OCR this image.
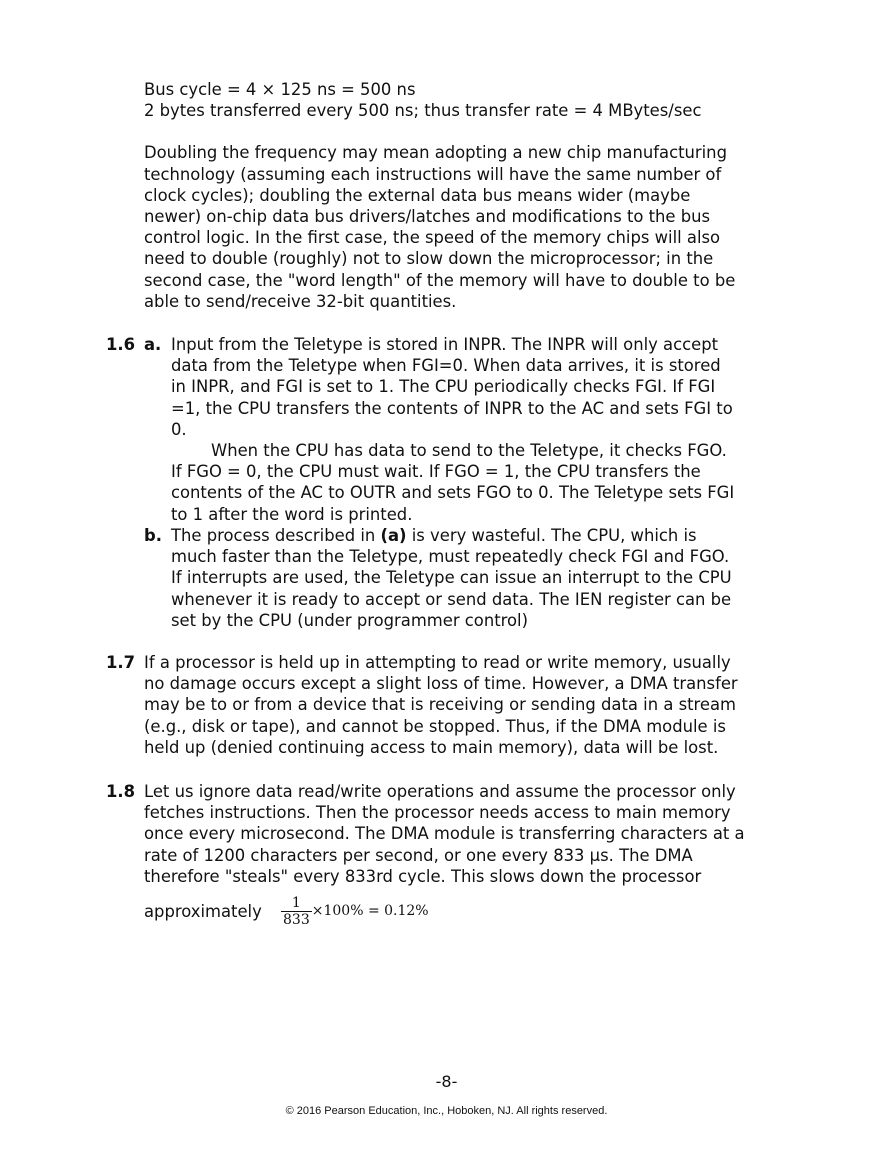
Bus cycle = 4 × 125 ns = 500 ns

2 bytes transferred every 500 ns; thus transfer rate = 4 MBytes/sec

Doubling the frequency may mean adopting a new chip manufacturing
technology (assuming each instructions will have the same number of
clock cycles); doubling the external data bus means wider (maybe
newer) on-chip data bus drivers/latches and modifications to the bus
control logic. In the first case, the speed of the memory chips will also
need to double (roughly) not to slow down the microprocessor; in the
second case, the "word length" of the memory will have to double to be
able to send/receive 32-bit quantities.

1.6 a. Input from the Teletype is stored in INPR. The INPR will only accept
data from the Teletype when FGI=0. When data arrives, it is stored
in INPR, and FGI is set to 1. The CPU periodically checks FGI. If FGI
=1, the CPU transfers the contents of INPR to the AC and sets FGI to
0.

When the CPU has data to send to the Teletype, it checks FGO.

If FGO = 0, the CPU must wait. If FGO = 1, the CPU transfers the
contents of the AC to OUTR and sets FGO to 0. The Teletype sets FGI
to 1 after the word is printed.

b. The process described in (a) is very wasteful. The CPU, which is

much faster than the Teletype, must repeatedly check FGI and FGO.
If interrupts are used, the Teletype can issue an interrupt to the CPU
whenever it is ready to accept or send data. The IEN register can be
set by the CPU (under programmer control)

1.7 If a processor is held up in attempting to read or write memory, usually
no damage occurs except a slight loss of time. However, a DMA transfer
may be to or from a device that is receiving or sending data in a stream
(e.g., disk or tape), and cannot be stopped. Thus, if the DMA module is
held up (denied continuing access to main memory), data will be lost.

1.8 Let us ignore data read/write operations and assume the processor only
fetches instructions. Then the processor needs access to main memory
once every microsecond. The DMA module is transferring characters at a
rate of 1200 characters per second, or one every 833 µs. The DMA
therefore "steals" every 833rd cycle. This slows down the processor

approximately $\frac{1}{833} \times 100\% = 0.12\%$
-8-
© 2016 Pearson Education, Inc., Hoboken, NJ. All rights reserved.
